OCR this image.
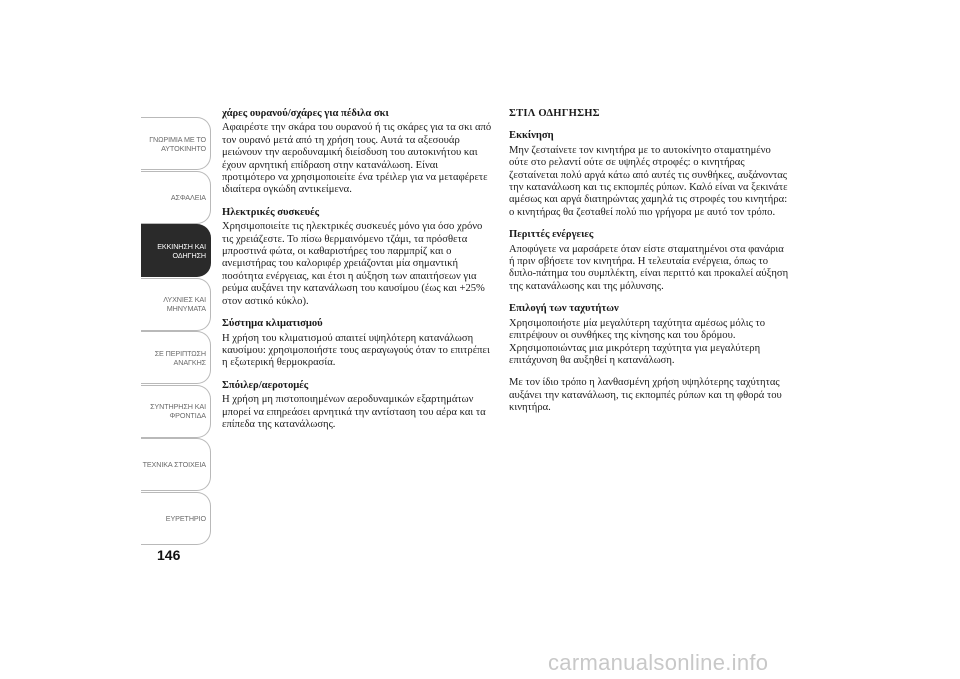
ΓΝΩΡΙΜΙΑ ΜΕ ΤΟ
ΑΥΤΟΚΙΝΗΤΟ
ΑΣΦΑΛΕΙΑ
ΕΚΚΙΝΗΣΗ ΚΑΙ
ΟΔΗΓΗΣΗ
ΛΥΧΝΙΕΣ ΚΑΙ
ΜΗΝΥΜΑΤΑ
ΣΕ ΠΕΡΙΠΤΩΣΗ
ΑΝΑΓΚΗΣ
ΣΥΝΤΗΡΗΣΗ ΚΑΙ
ΦΡΟΝΤΙΔΑ
ΤΕΧΝΙΚΑ ΣΤΟΙΧΕΙΑ
ΕΥΡΕΤΗΡΙΟ
146

χάρες ουρανού/σχάρες για πέδιλα σκι

Αφαιρέστε την σκάρα του ουρανού ή τις σκάρες για τα σκι από τον ουρανό μετά από τη χρήση τους. Αυτά τα αξεσουάρ μειώνουν την αεροδυναμική διείσδυση του αυτοκινήτου και έχουν αρνητική επίδραση στην κατανάλωση. Είναι προτιμότερο να χρησιμοποιείτε ένα τρέιλερ για να μεταφέρετε ιδιαίτερα ογκώδη αντικείμενα.

Ηλεκτρικές συσκευές

Χρησιμοποιείτε τις ηλεκτρικές συσκευές μόνο για όσο χρόνο τις χρειάζεστε. Το πίσω θερμαινόμενο τζάμι, τα πρόσθετα μπροστινά φώτα, οι καθαριστήρες του παρμπρίζ και ο ανεμιστήρας του καλοριφέρ χρειάζονται μία σημαντική ποσότητα ενέργειας, και έτσι η αύξηση των απαιτήσεων για ρεύμα αυξάνει την κατανάλωση του καυσίμου (έως και +25% στον αστικό κύκλο).

Σύστημα κλιματισμού

Η χρήση του κλιματισμού απαιτεί υψηλότερη κατανάλωση καυσίμου: χρησιμοποιήστε τους αεραγωγούς όταν το επιτρέπει η εξωτερική θερμοκρασία.

Σπόιλερ/αεροτομές

Η χρήση μη πιστοποιημένων αεροδυναμικών εξαρτημάτων μπορεί να επηρεάσει αρνητικά την αντίσταση του αέρα και τα επίπεδα της κατανάλωσης.

ΣΤΙΛ ΟΔΗΓΗΣΗΣ

Εκκίνηση

Μην ζεσταίνετε τον κινητήρα με το αυτοκίνητο σταματημένο ούτε στο ρελαντί ούτε σε υψηλές στροφές: ο κινητήρας ζεσταίνεται πολύ αργά κάτω από αυτές τις συνθήκες, αυξάνοντας την κατανάλωση και τις εκπομπές ρύπων. Καλό είναι να ξεκινάτε αμέσως και αργά διατηρώντας χαμηλά τις στροφές του κινητήρα: ο κινητήρας θα ζεσταθεί πολύ πιο γρήγορα με αυτό τον τρόπο.

Περιττές ενέργειες

Αποφύγετε να μαρσάρετε όταν είστε σταματημένοι στα φανάρια ή πριν σβήσετε τον κινητήρα. Η τελευταία ενέργεια, όπως το διπλο-πάτημα του συμπλέκτη, είναι περιττό και προκαλεί αύξηση της κατανάλωσης και της μόλυνσης.

Επιλογή των ταχυτήτων

Χρησιμοποιήστε μία μεγαλύτερη ταχύτητα αμέσως μόλις το επιτρέψουν οι συνθήκες της κίνησης και του δρόμου. Χρησιμοποιώντας μια μικρότερη ταχύτητα για μεγαλύτερη επιτάχυνση θα αυξηθεί η κατανάλωση.

Με τον ίδιο τρόπο η λανθασμένη χρήση υψηλότερης ταχύτητας αυξάνει την κατανάλωση, τις εκπομπές ρύπων και τη φθορά του κινητήρα.

carmanualsonline.info
